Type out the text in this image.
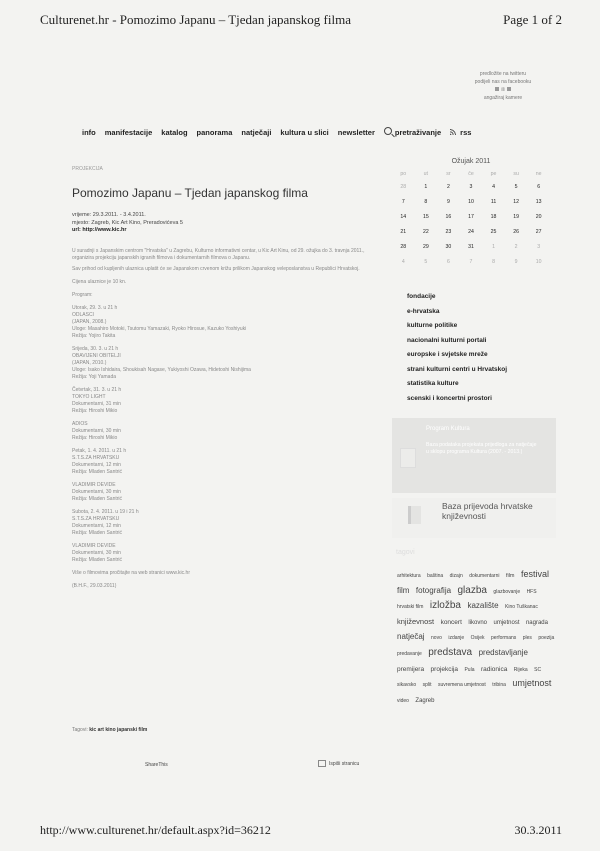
Culturenet.hr - Pomozimo Japanu – Tjedan japanskog filma	Page 1 of 2
predložite na twitteru
podijeli nas na facebooku
ili
angažiraj kamere
info manifestacije katalog panorama natječaji kultura u slici newsletter	pretraživanje	rss
PROJEKCIJA
Pomozimo Japanu – Tjedan japanskog filma
vrijeme: 29.3.2011. - 3.4.2011.
mjesto: Zagreb, Kic Art Kino, Preradovićeva 5
url: http://www.kic.hr

U suradnji s Japanskim centrom "Hrvatska" u Zagrebu, Kulturno informativni centar, u Kic Art Kinu, od 29. ožujka do 3. travnja 2011., organizira projekciju japanskih igranih filmova i dokumentarnih filmova o Japanu.

Sav prihod od kupljenih ulaznica uplatit će se Japanskom crvenom križu prilikom Japanskog veleposlanstva u Republici Hrvatskoj.

Cijena ulaznice je 10 kn.

Program:

Utorak, 29. 3. u 21 h
ODLASCI
(JAPAN, 2008.)
Uloge: Masahiro Motoki, Tsutomu Yamazaki, Ryoko Hirosue, Kazuko Yoshiyuki
Režija: Yojiro Takita

Srijeda, 30. 3. u 21 h
OBAVIJENI OBITELJI
(JAPAN, 2010.)
Uloge: Isako Ishidaira, Shoukisah Nagase, Yukiyoshi Ozawa, Hidetoshi Nishijima
Režija: Yoji Yamada

Četvrtak, 31. 3. u 21 h
TOKYO LIGHT
Dokumentarni, 31 min
Režija: Hiroshi Mikio

ADIOS
Dokumentarni, 30 min
Režija: Hiroshi Mikio

Petak, 1. 4. 2011. u 21 h
S.T.S.ZA HRVATSKU
Dokumentarni, 12 min
Režija: Mladen Santrić

VLADIMIR DEVIDE
Dokumentarni, 30 min
Režija: Mladen Santrić

Subota, 2. 4. 2011. u 19 i 21 h
S.T.S.ZA HRVATSKU
Dokumentarni, 12 min
Režija: Mladen Santrić

VLADIMIR DEVIDE
Dokumentarni, 30 min
Režija: Mladen Santrić

Više o filmovima pročitajte na web stranici www.kic.hr

(B.H.F., 29.03.2011)

Tagovi: kic art kino japanski film
ShareThis	Ispiši stranicu
Ožujak 2011
po	ut	sr	če	pe	su	ne
28	1	2	3	4	5	6
7	8	9	10	11	12	13
14	15	16	17	18	19	20
21	22	23	24	25	26	27
28	29	30	31	1	2	3
4	5	6	7	8	9	10
fondacije
e-hrvatska
kulturne politike
nacionalni kulturni portali
europske i svjetske mreže
strani kulturni centri u Hrvatskoj
statistika kulture
scenski i koncertni prostori
Program Kultura
Baza podataka projekata prijedloga za natječaje u sklopu programa Kultura (2007. - 2013.)
Baza prijevoda hrvatske književnosti
tagovi
arhitektura baština dizajn dokumentarni film festival film fotografija glazba glazbovanje HFS hrvatski film izložba kazalište Kino Tuškanac književnost koncert likovno umjetnost nagrada natječaj novo izdanje Osijek performans ples poezija predavanje predstava predstavljanje premijera projekcija Pula radionica Rijeka SC sikavsko split suvremena umjetnost tribina umjetnost video Zagreb
http://www.culturenet.hr/default.aspx?id=36212	30.3.2011
